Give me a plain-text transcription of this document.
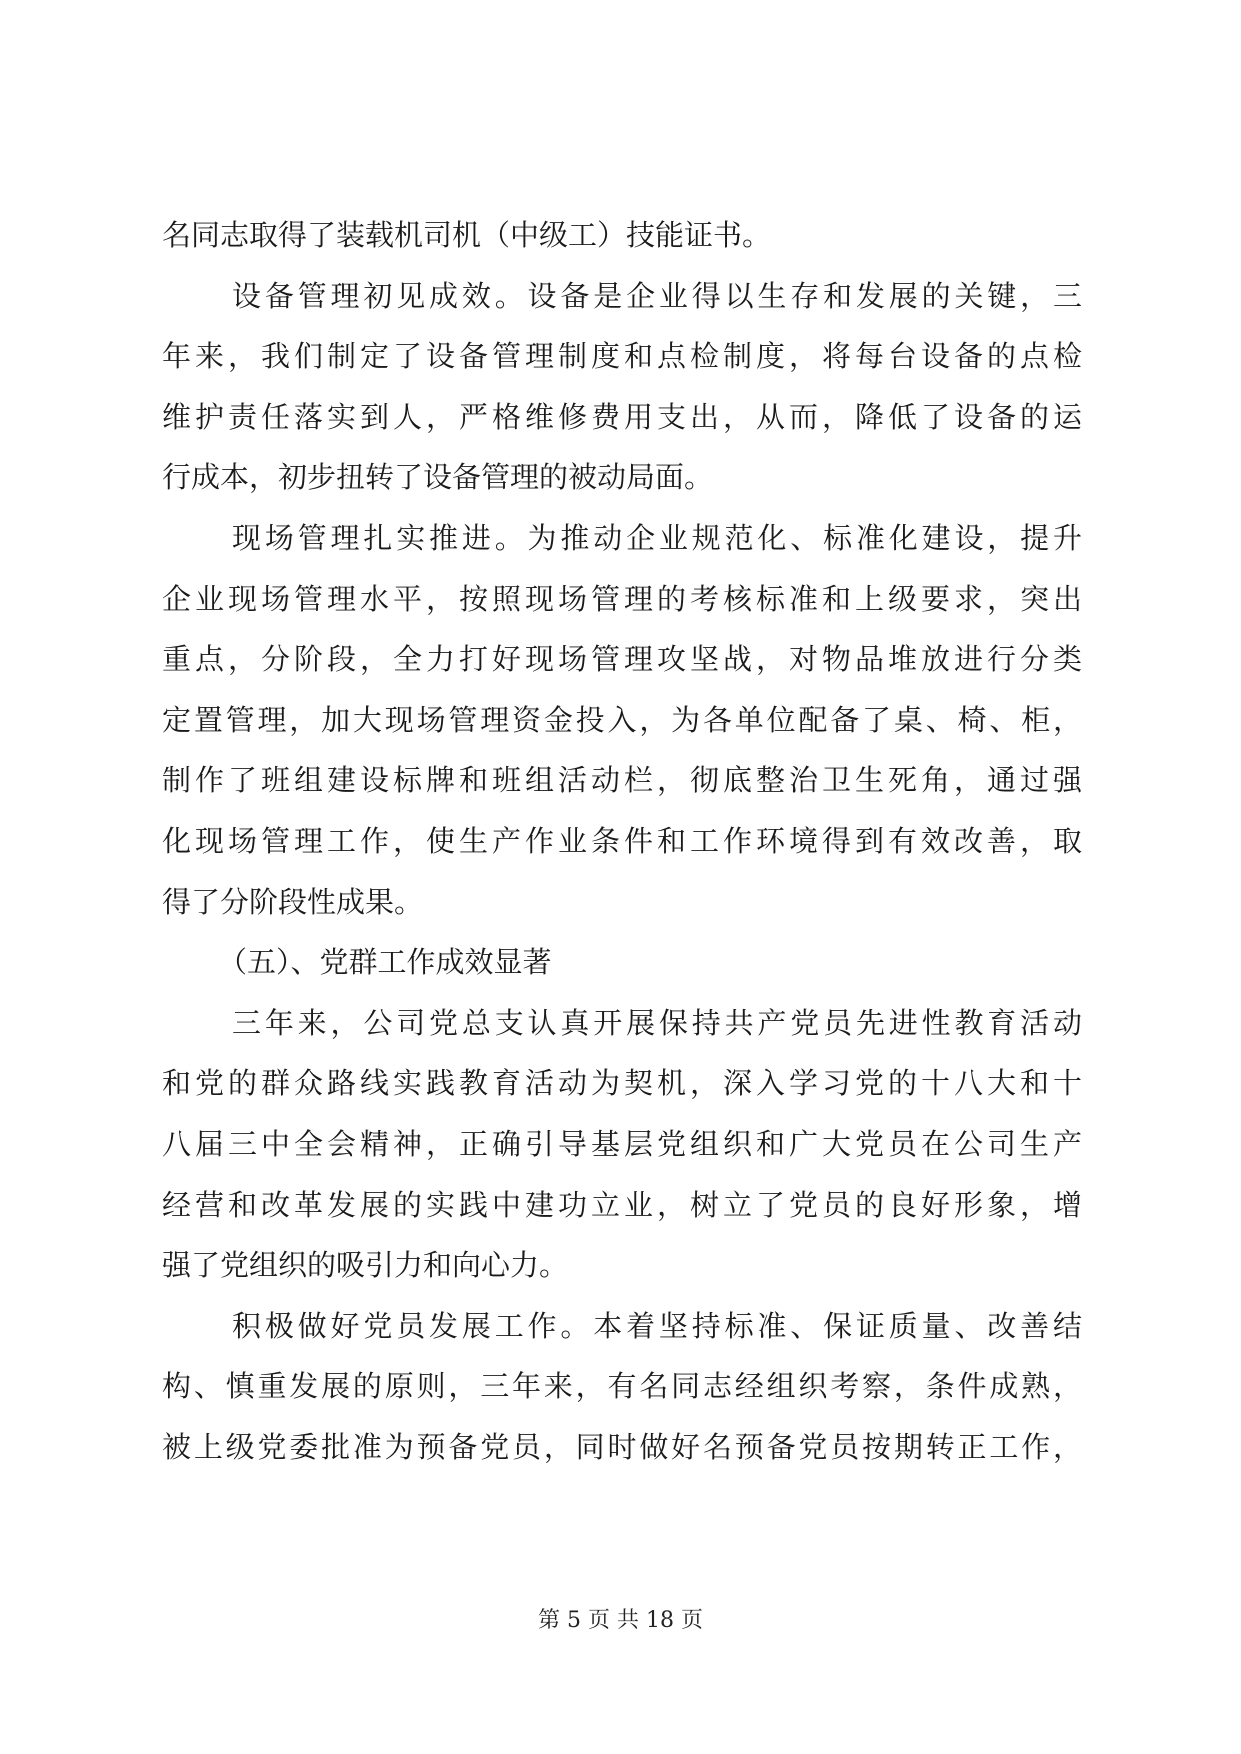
名同志取得了装载机司机（中级工）技能证书。
设备管理初见成效。设备是企业得以生存和发展的关键，三
年来，我们制定了设备管理制度和点检制度，将每台设备的点检
维护责任落实到人，严格维修费用支出，从而，降低了设备的运
行成本，初步扭转了设备管理的被动局面。
现场管理扎实推进。为推动企业规范化、标准化建设，提升
企业现场管理水平，按照现场管理的考核标准和上级要求，突出
重点，分阶段，全力打好现场管理攻坚战，对物品堆放进行分类
定置管理，加大现场管理资金投入，为各单位配备了桌、椅、柜，
制作了班组建设标牌和班组活动栏，彻底整治卫生死角，通过强
化现场管理工作，使生产作业条件和工作环境得到有效改善，取
得了分阶段性成果。
（五）、党群工作成效显著
三年来，公司党总支认真开展保持共产党员先进性教育活动
和党的群众路线实践教育活动为契机，深入学习党的十八大和十
八届三中全会精神，正确引导基层党组织和广大党员在公司生产
经营和改革发展的实践中建功立业，树立了党员的良好形象，增
强了党组织的吸引力和向心力。
积极做好党员发展工作。本着坚持标准、保证质量、改善结
构、慎重发展的原则，三年来，有名同志经组织考察，条件成熟，
被上级党委批准为预备党员，同时做好名预备党员按期转正工作，
第 5 页 共 18 页
